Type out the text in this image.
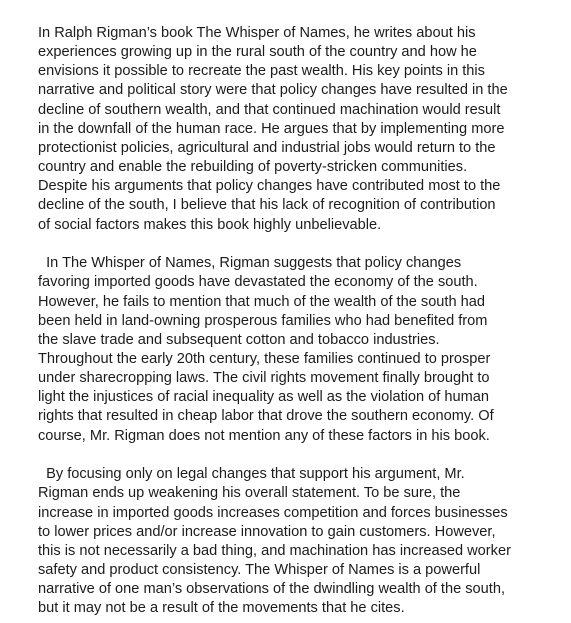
In Ralph Rigman’s book The Whisper of Names, he writes about his
experiences growing up in the rural south of the country and how he
envisions it possible to recreate the past wealth. His key points in this
narrative and political story were that policy changes have resulted in the
decline of southern wealth, and that continued machination would result
in the downfall of the human race. He argues that by implementing more
protectionist policies, agricultural and industrial jobs would return to the
country and enable the rebuilding of poverty-stricken communities.
Despite his arguments that policy changes have contributed most to the
decline of the south, I believe that his lack of recognition of contribution
of social factors makes this book highly unbelievable.

In The Whisper of Names, Rigman suggests that policy changes
favoring imported goods have devastated the economy of the south.
However, he fails to mention that much of the wealth of the south had
been held in land-owning prosperous families who had benefited from
the slave trade and subsequent cotton and tobacco industries.
Throughout the early 20th century, these families continued to prosper
under sharecropping laws. The civil rights movement finally brought to
light the injustices of racial inequality as well as the violation of human
rights that resulted in cheap labor that drove the southern economy. Of
course, Mr. Rigman does not mention any of these factors in his book.

By focusing only on legal changes that support his argument, Mr.
Rigman ends up weakening his overall statement. To be sure, the
increase in imported goods increases competition and forces businesses
to lower prices and/or increase innovation to gain customers. However,
this is not necessarily a bad thing, and machination has increased worker
safety and product consistency. The Whisper of Names is a powerful
narrative of one man’s observations of the dwindling wealth of the south,
but it may not be a result of the movements that he cites.
